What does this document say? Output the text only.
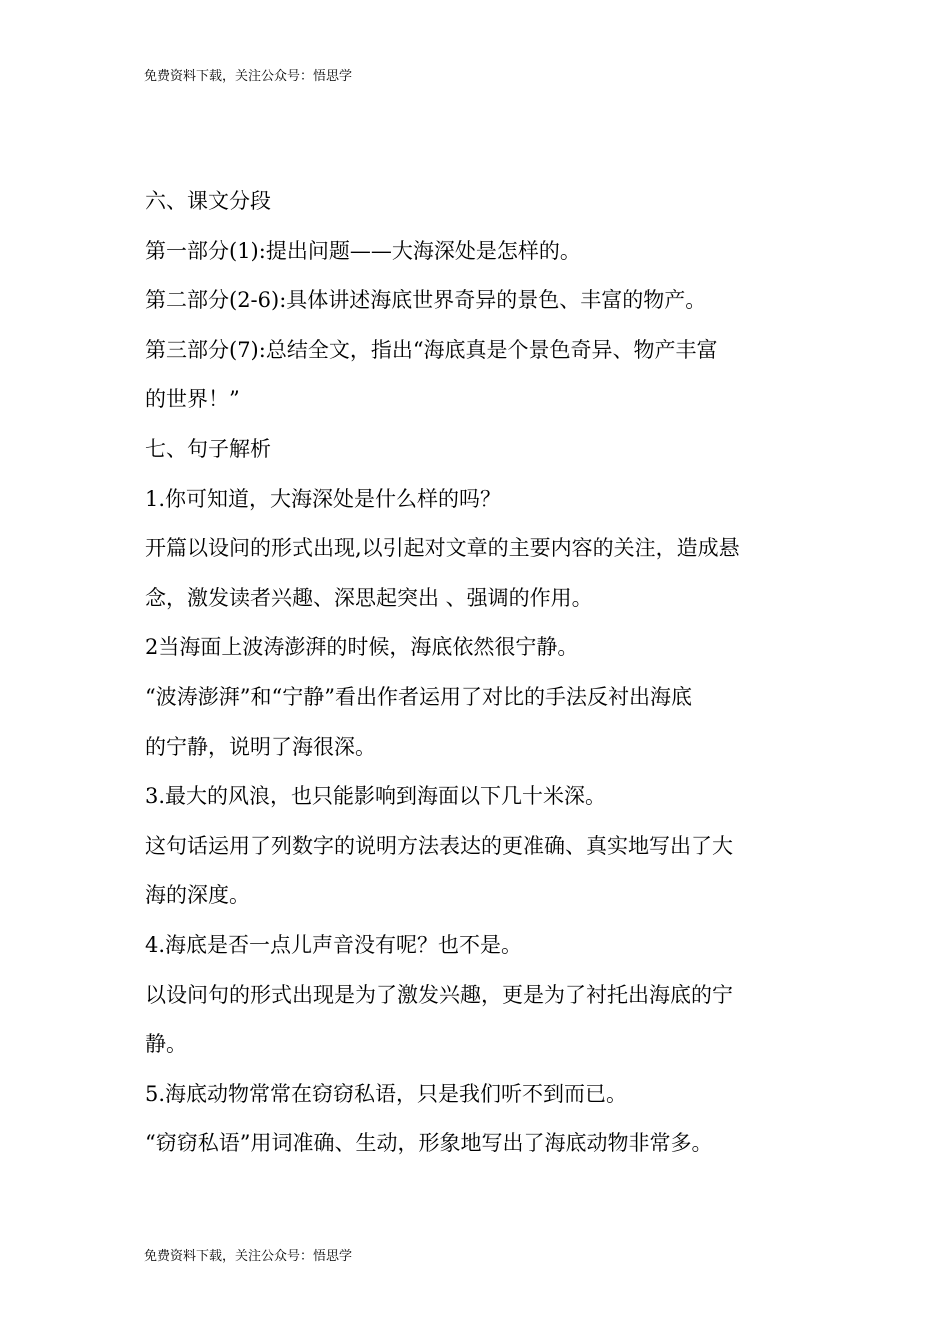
免费资料下载，关注公众号：悟思学
六、课文分段
第一部分(1):提出问题——大海深处是怎样的。
第二部分(2-6):具体讲述海底世界奇异的景色、丰富的物产。
第三部分(7):总结全文，指出“海底真是个景色奇异、物产丰富
的世界！”
七、句子解析
1.你可知道，大海深处是什么样的吗？
开篇以设问的形式出现,以引起对文章的主要内容的关注，造成悬
念，激发读者兴趣、深思起突出 、强调的作用。
2当海面上波涛澎湃的时候，海底依然很宁静。
“波涛澎湃”和“宁静”看出作者运用了对比的手法反衬出海底
的宁静，说明了海很深。
3.最大的风浪，也只能影响到海面以下几十米深。
这句话运用了列数字的说明方法表达的更准确、真实地写出了大
海的深度。
4.海底是否一点儿声音没有呢？也不是。
以设问句的形式出现是为了激发兴趣，更是为了衬托出海底的宁
静。
5.海底动物常常在窃窃私语，只是我们听不到而已。
“窃窃私语”用词准确、生动，形象地写出了海底动物非常多。
免费资料下载，关注公众号：悟思学
